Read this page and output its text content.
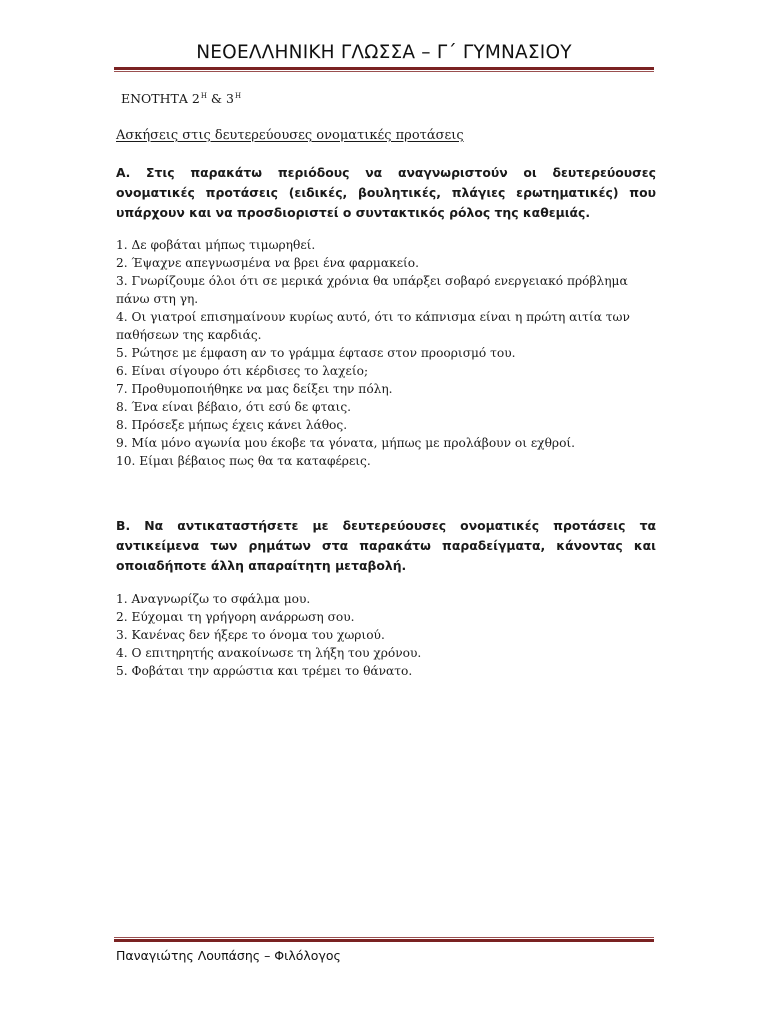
ΝΕΟΕΛΛΗΝΙΚΗ ΓΛΩΣΣΑ – Γ΄ ΓΥΜΝΑΣΙΟΥ
ΕΝΟΤΗΤΑ $2^H$ & $3^H$
Ασκήσεις στις δευτερεύουσες ονοματικές προτάσεις
Α. Στις παρακάτω περιόδους να αναγνωριστούν οι δευτερεύουσες ονοματικές προτάσεις (ειδικές, βουλητικές, πλάγιες ερωτηματικές) που υπάρχουν και να προσδιοριστεί ο συντακτικός ρόλος της καθεμιάς.
1. Δε φοβάται μήπως τιμωρηθεί.
2. Έψαχνε απεγνωσμένα να βρει ένα φαρμακείο.
3. Γνωρίζουμε όλοι ότι σε μερικά χρόνια θα υπάρξει σοβαρό ενεργειακό πρόβλημα πάνω στη γη.
4. Οι γιατροί επισημαίνουν κυρίως αυτό, ότι το κάπνισμα είναι η πρώτη αιτία των παθήσεων της καρδιάς.
5. Ρώτησε με έμφαση αν το γράμμα έφτασε στον προορισμό του.
6. Είναι σίγουρο ότι κέρδισες το λαχείο;
7. Προθυμοποιήθηκε να μας δείξει την πόλη.
8. Ένα είναι βέβαιο, ότι εσύ δε φταις.
8. Πρόσεξε μήπως έχεις κάνει λάθος.
9. Μία μόνο αγωνία μου έκοβε τα γόνατα, μήπως με προλάβουν οι εχθροί.
10. Είμαι βέβαιος πως θα τα καταφέρεις.
Β. Να αντικαταστήσετε με δευτερεύουσες ονοματικές προτάσεις τα αντικείμενα των ρημάτων στα παρακάτω παραδείγματα, κάνοντας και οποιαδήποτε άλλη απαραίτητη μεταβολή.
1. Αναγνωρίζω το σφάλμα μου.
2. Εύχομαι τη γρήγορη ανάρρωση σου.
3. Κανένας δεν ήξερε το όνομα του χωριού.
4. Ο επιτηρητής ανακοίνωσε τη λήξη του χρόνου.
5. Φοβάται την αρρώστια και τρέμει το θάνατο.
Παναγιώτης Λουπάσης – Φιλόλογος
